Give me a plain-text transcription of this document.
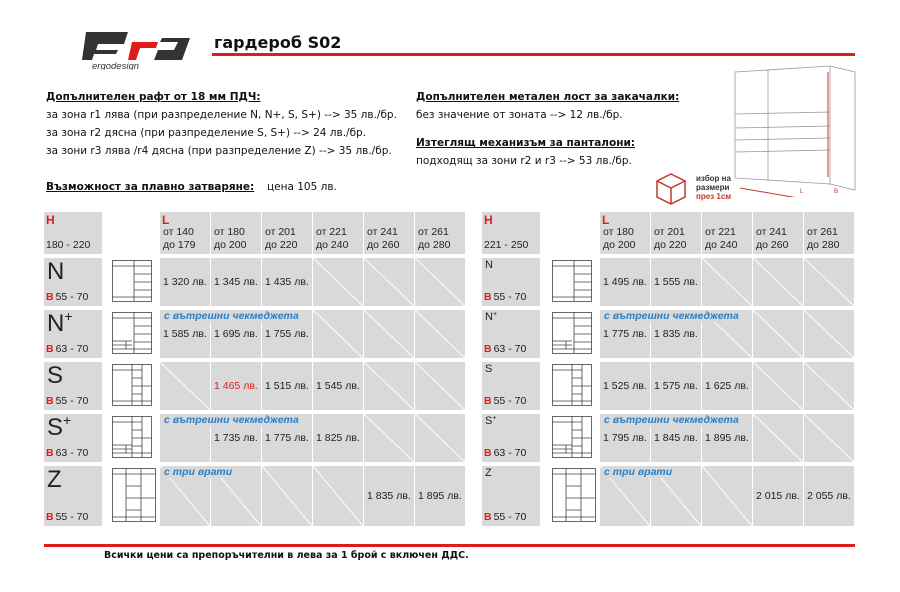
ergodesign
гардероб S02
Допълнителен рафт от 18 мм ПДЧ:
за зона r1 лява (при разпределение N, N+, S, S+) --> 35 лв./бр.
за зона r2 дясна (при разпределение S, S+) --> 24 лв./бр.
за зони r3 лява /r4 дясна (при разпределение Z) --> 35 лв./бр.
Възможност за плавно затваряне: цена 105 лв.
Допълнителен метален лост за закачалки:
без значение от зоната --> 12 лв./бр.
Изтеглящ механизъм за панталони:
подходящ за зони r2 и r3 --> 53 лв./бр.
L	B
избор на
размери
през 1см
H
180 - 220
L
от 140
до 179
от 180
до 200
от 201
до 220
от 221
до 240
от 241
до 260
от 261
до 280
N
B 55 - 70
1 320 лв. 1 345 лв. 1 435 лв.
N+
B 63 - 70
1 585 лв. 1 695 лв. 1 755 лв.
с вътрешни чекмеджета
S
B 55 - 70
1 465 лв. 1 515 лв. 1 545 лв.
S+
B 63 - 70
1 735 лв. 1 775 лв. 1 825 лв.
с вътрешни чекмеджета
Z
B 55 - 70
1 835 лв. 1 895 лв.
с три врати
H
221 - 250
L
от 180
до 200
от 201
до 220
от 221
до 240
от 241
до 260
от 261
до 280
N
B 55 - 70
1 495 лв. 1 555 лв.
N+
B 63 - 70
1 775 лв. 1 835 лв.
с вътрешни чекмеджета
S
B 55 - 70
1 525 лв. 1 575 лв. 1 625 лв.
S+
B 63 - 70
1 795 лв. 1 845 лв. 1 895 лв.
с вътрешни чекмеджета
Z
B 55 - 70
2 015 лв. 2 055 лв.
с три врати
Всички цени са препоръчителни в лева за 1 брой с включен ДДС.
